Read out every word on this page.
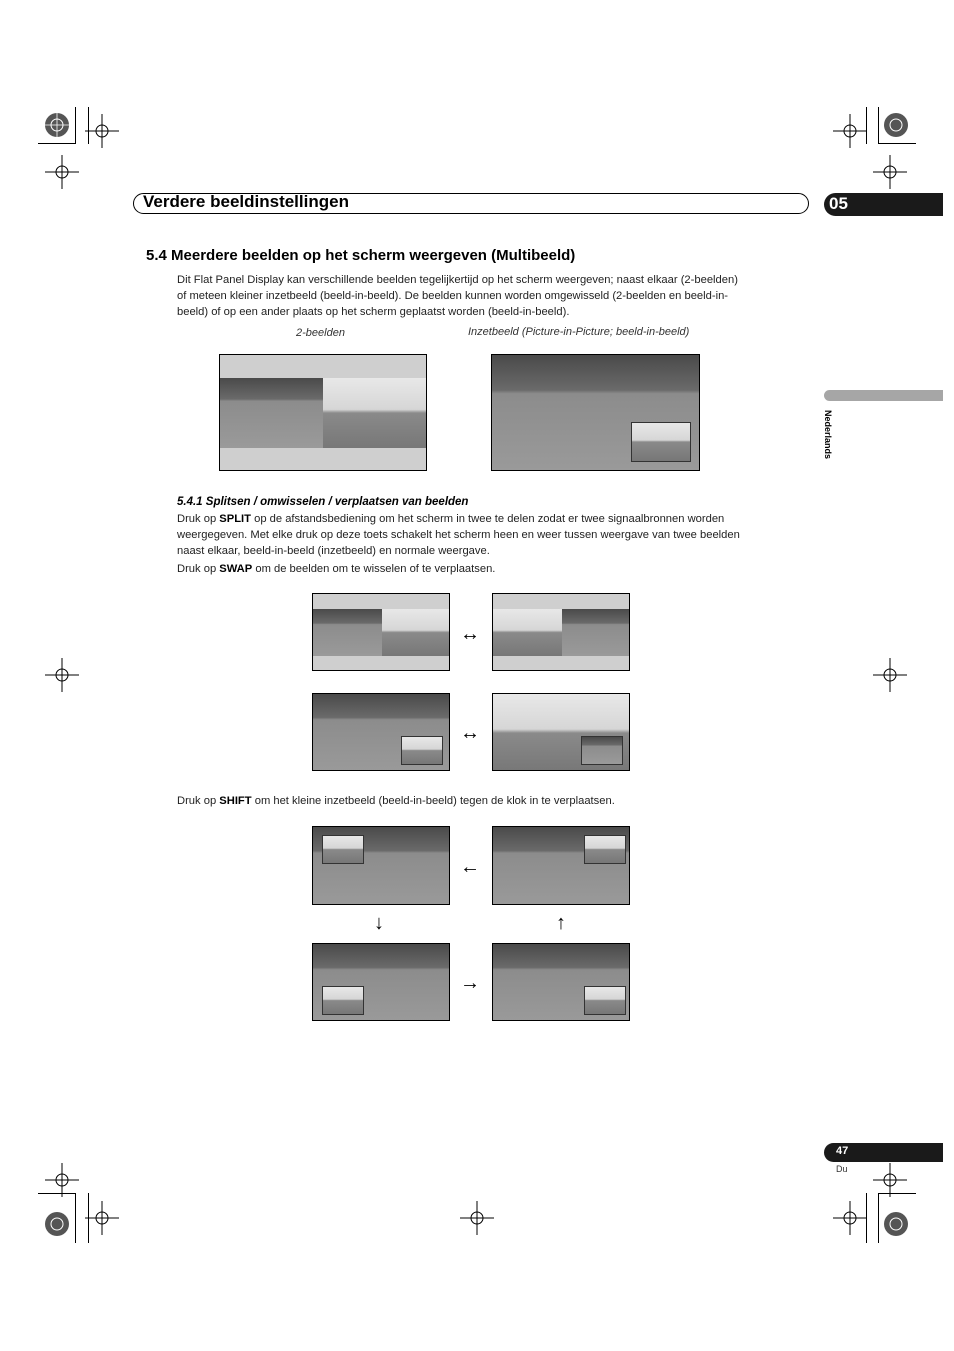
Verdere beeldinstellingen	05
Nederlands
5.4 Meerdere beelden op het scherm weergeven (Multibeeld)
Dit Flat Panel Display kan verschillende beelden tegelijkertijd op het scherm weergeven; naast elkaar (2-beelden)
of meteen kleiner inzetbeeld (beeld-in-beeld). De beelden kunnen worden omgewisseld (2-beelden en beeld-in-
beeld) of op een ander plaats op het scherm geplaatst worden (beeld-in-beeld).
2-beelden	Inzetbeeld (Picture-in-Picture; beeld-in-beeld)
5.4.1 Splitsen / omwisselen / verplaatsen van beelden
Druk op SPLIT op de afstandsbediening om het scherm in twee te delen zodat er twee signaalbronnen worden
weergegeven. Met elke druk op deze toets schakelt het scherm heen en weer tussen weergave van twee beelden
naast elkaar, beeld-in-beeld (inzetbeeld) en normale weergave.
Druk op SWAP om de beelden om te wisselen of te verplaatsen.
↔
↔
Druk op SHIFT om het kleine inzetbeeld (beeld-in-beeld) tegen de klok in te verplaatsen.
←
↓	↑
→
47
Du
